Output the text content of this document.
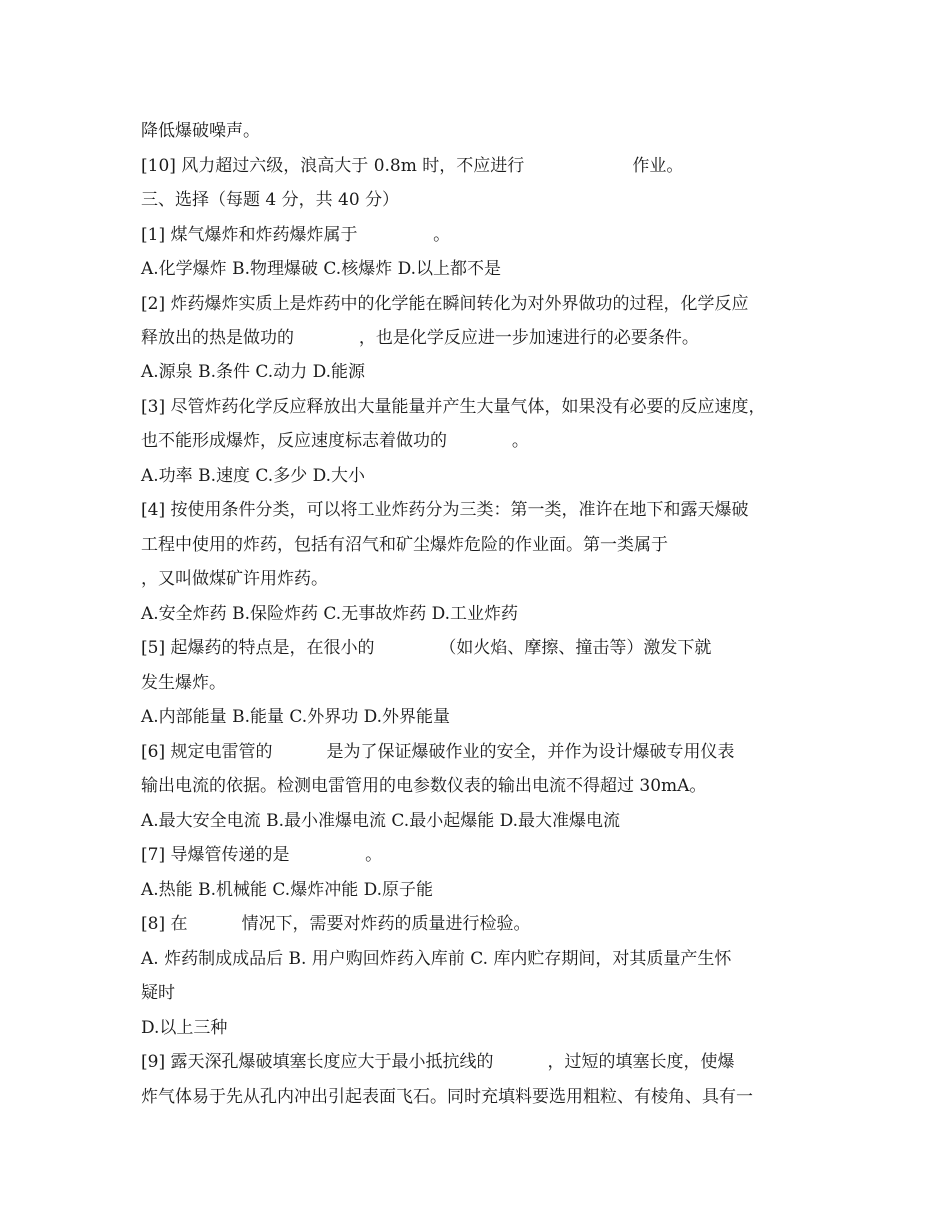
降低爆破噪声。
[10] 风力超过六级，浪高大于 0.8m 时，不应进行                    作业。
三、选择（每题 4 分，共 40 分）
[1] 煤气爆炸和炸药爆炸属于              。
A.化学爆炸 B.物理爆破 C.核爆炸 D.以上都不是
[2] 炸药爆炸实质上是炸药中的化学能在瞬间转化为对外界做功的过程，化学反应
释放出的热是做功的            ，也是化学反应进一步加速进行的必要条件。
A.源泉 B.条件 C.动力 D.能源
[3] 尽管炸药化学反应释放出大量能量并产生大量气体，如果没有必要的反应速度，
也不能形成爆炸，反应速度标志着做功的            。
A.功率 B.速度 C.多少 D.大小
[4] 按使用条件分类，可以将工业炸药分为三类：第一类，准许在地下和露天爆破
工程中使用的炸药，包括有沼气和矿尘爆炸危险的作业面。第一类属于
，又叫做煤矿许用炸药。
A.安全炸药 B.保险炸药 C.无事故炸药 D.工业炸药
[5] 起爆药的特点是，在很小的            （如火焰、摩擦、撞击等）激发下就
发生爆炸。
A.内部能量 B.能量 C.外界功 D.外界能量
[6] 规定电雷管的          是为了保证爆破作业的安全，并作为设计爆破专用仪表
输出电流的依据。检测电雷管用的电参数仪表的输出电流不得超过 30mA。
A.最大安全电流 B.最小准爆电流 C.最小起爆能 D.最大准爆电流
[7] 导爆管传递的是              。
A.热能 B.机械能 C.爆炸冲能 D.原子能
[8] 在          情况下，需要对炸药的质量进行检验。
A. 炸药制成成品后 B. 用户购回炸药入库前 C. 库内贮存期间，对其质量产生怀
疑时
D.以上三种
[9] 露天深孔爆破填塞长度应大于最小抵抗线的          ，过短的填塞长度，使爆
炸气体易于先从孔内冲出引起表面飞石。同时充填料要选用粗粒、有棱角、具有一
